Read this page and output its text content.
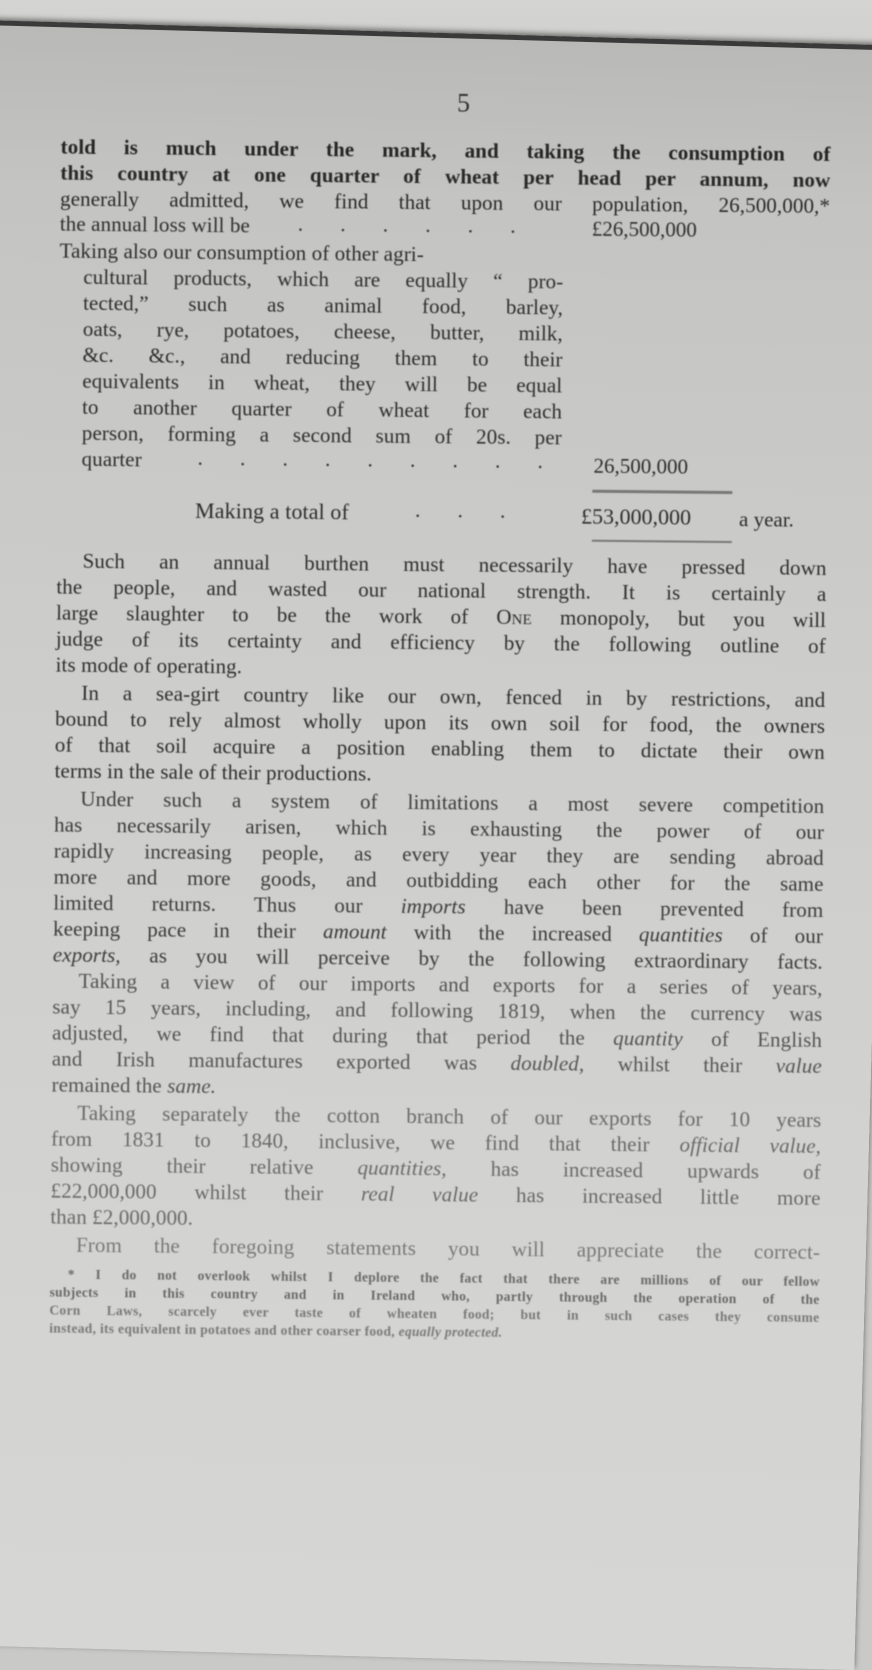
5
told is much under the mark, and taking the consumption of
this country at one quarter of wheat per head per annum, now
generally admitted, we find that upon our population, 26,500,000,*
the annual loss will be . . . . . .	£26,500,000
Taking also our consumption of other agri-
cultural products, which are equally “ pro-
tected,” such as animal food, barley,
oats, rye, potatoes, cheese, butter, milk,
&c. &c., and reducing them to their
equivalents in wheat, they will be equal
to another quarter of wheat for each
person, forming a second sum of 20s. per
quarter	. . . . . . . . . 26,500,000
Making a total of	. . .	£53,000,000 a year.
Such an annual burthen must necessarily have pressed down
the people, and wasted our national strength. It is certainly a
large slaughter to be the work of One monopoly, but you will
judge of its certainty and efficiency by the following outline of
its mode of operating.
In a sea-girt country like our own, fenced in by restrictions, and
bound to rely almost wholly upon its own soil for food, the owners
of that soil acquire a position enabling them to dictate their own
terms in the sale of their productions.
Under such a system of limitations a most severe competition
has necessarily arisen, which is exhausting the power of our
rapidly increasing people, as every year they are sending abroad
more and more goods, and outbidding each other for the same
limited returns. Thus our imports have been prevented from
keeping pace in their amount with the increased quantities of our
exports, as you will perceive by the following extraordinary facts.
Taking a view of our imports and exports for a series of years,
say 15 years, including, and following 1819, when the currency was
adjusted, we find that during that period the quantity of English
and Irish manufactures exported was doubled, whilst their value
remained the same.
Taking separately the cotton branch of our exports for 10 years
from 1831 to 1840, inclusive, we find that their official value,
showing their relative quantities, has increased upwards of
£22,000,000 whilst their real value has increased little more
than £2,000,000.
From the foregoing statements you will appreciate the correct-
* I do not overlook whilst I deplore the fact that there are millions of our fellow
subjects in this country and in Ireland who, partly through the operation of the
Corn Laws, scarcely ever taste of wheaten food; but in such cases they consume
instead, its equivalent in potatoes and other coarser food, equally protected.
